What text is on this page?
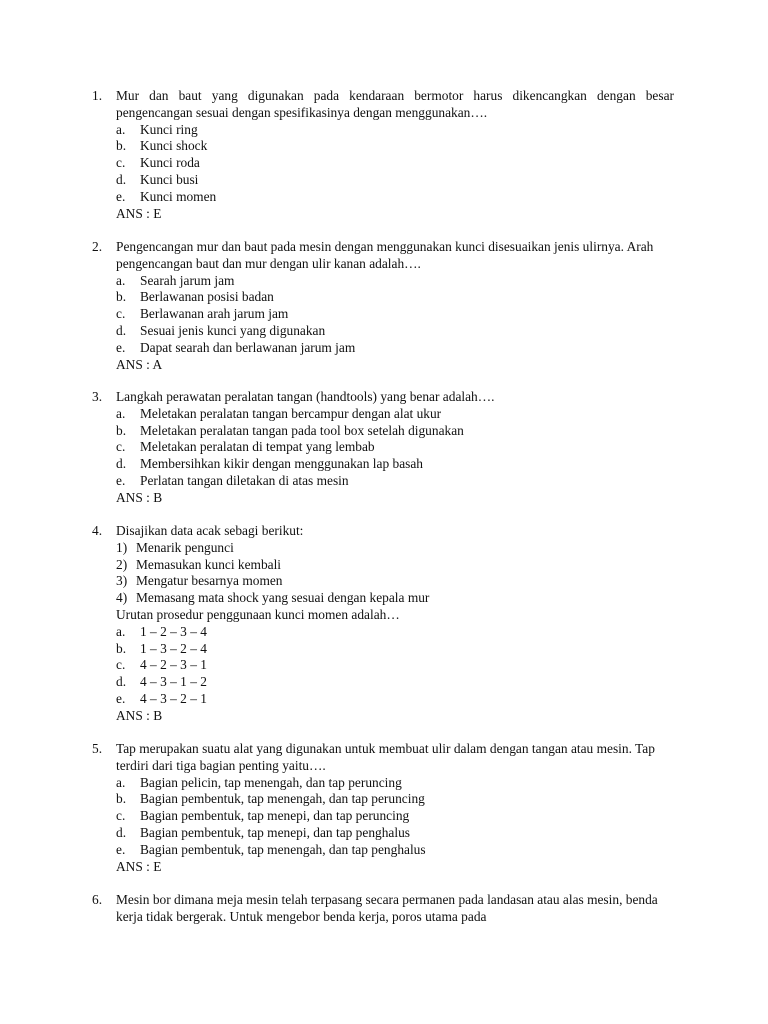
1. Mur dan baut yang digunakan pada kendaraan bermotor harus dikencangkan dengan besar pengencangan sesuai dengan spesifikasinya dengan menggunakan….
a. Kunci ring
b. Kunci shock
c. Kunci roda
d. Kunci busi
e. Kunci momen
ANS : E
2. Pengencangan mur dan baut pada mesin dengan menggunakan kunci disesuaikan jenis ulirnya. Arah pengencangan baut dan mur dengan ulir kanan adalah….
a. Searah jarum jam
b. Berlawanan posisi badan
c. Berlawanan arah jarum jam
d. Sesuai jenis kunci yang digunakan
e. Dapat searah dan berlawanan jarum jam
ANS : A
3. Langkah perawatan peralatan tangan (handtools) yang benar adalah….
a. Meletakan peralatan tangan bercampur dengan alat ukur
b. Meletakan peralatan tangan pada tool box setelah digunakan
c. Meletakan peralatan di tempat yang lembab
d. Membersihkan kikir dengan menggunakan lap basah
e. Perlatan tangan diletakan di atas mesin
ANS : B
4. Disajikan data acak sebagi berikut:
1) Menarik pengunci
2) Memasukan kunci kembali
3) Mengatur besarnya momen
4) Memasang mata shock yang sesuai dengan kepala mur
Urutan prosedur penggunaan kunci momen adalah…
a. 1 – 2 – 3 – 4
b. 1 – 3 – 2 – 4
c. 4 – 2 – 3 – 1
d. 4 – 3 – 1 – 2
e. 4 – 3 – 2 – 1
ANS : B
5. Tap merupakan suatu alat yang digunakan untuk membuat ulir dalam dengan tangan atau mesin. Tap terdiri dari tiga bagian penting yaitu….
a. Bagian pelicin, tap menengah, dan tap peruncing
b. Bagian pembentuk, tap menengah, dan tap peruncing
c. Bagian pembentuk, tap menepi, dan tap peruncing
d. Bagian pembentuk, tap menepi, dan tap penghalus
e. Bagian pembentuk, tap menengah, dan tap penghalus
ANS : E
6. Mesin bor dimana meja mesin telah terpasang secara permanen pada landasan atau alas mesin, benda kerja tidak bergerak. Untuk mengebor benda kerja, poros utama pada
